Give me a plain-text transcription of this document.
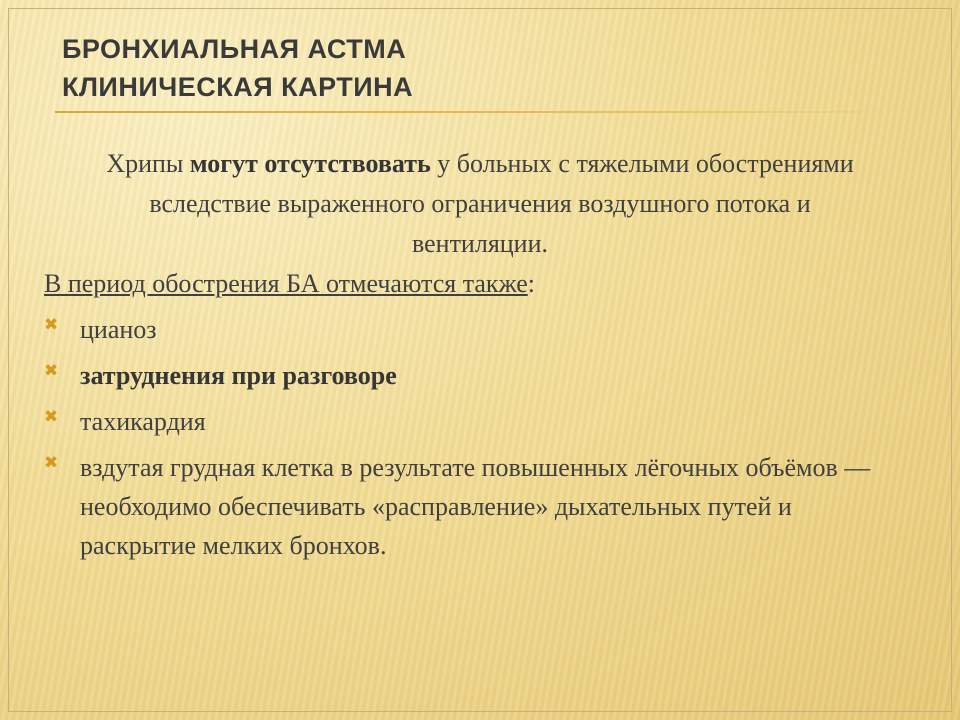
БРОНХИАЛЬНАЯ АСТМА
КЛИНИЧЕСКАЯ КАРТИНА
Хрипы могут отсутствовать у больных с тяжелыми обострениями вследствие выраженного ограничения воздушного потока и вентиляции.
В период обострения БА отмечаются также:
✖ цианоз
✖ затруднения при разговоре
✖ тахикардия
✖ вздутая грудная клетка в результате повышенных лёгочных объёмов — необходимо обеспечивать «расправление» дыхательных путей и раскрытие мелких бронхов.
